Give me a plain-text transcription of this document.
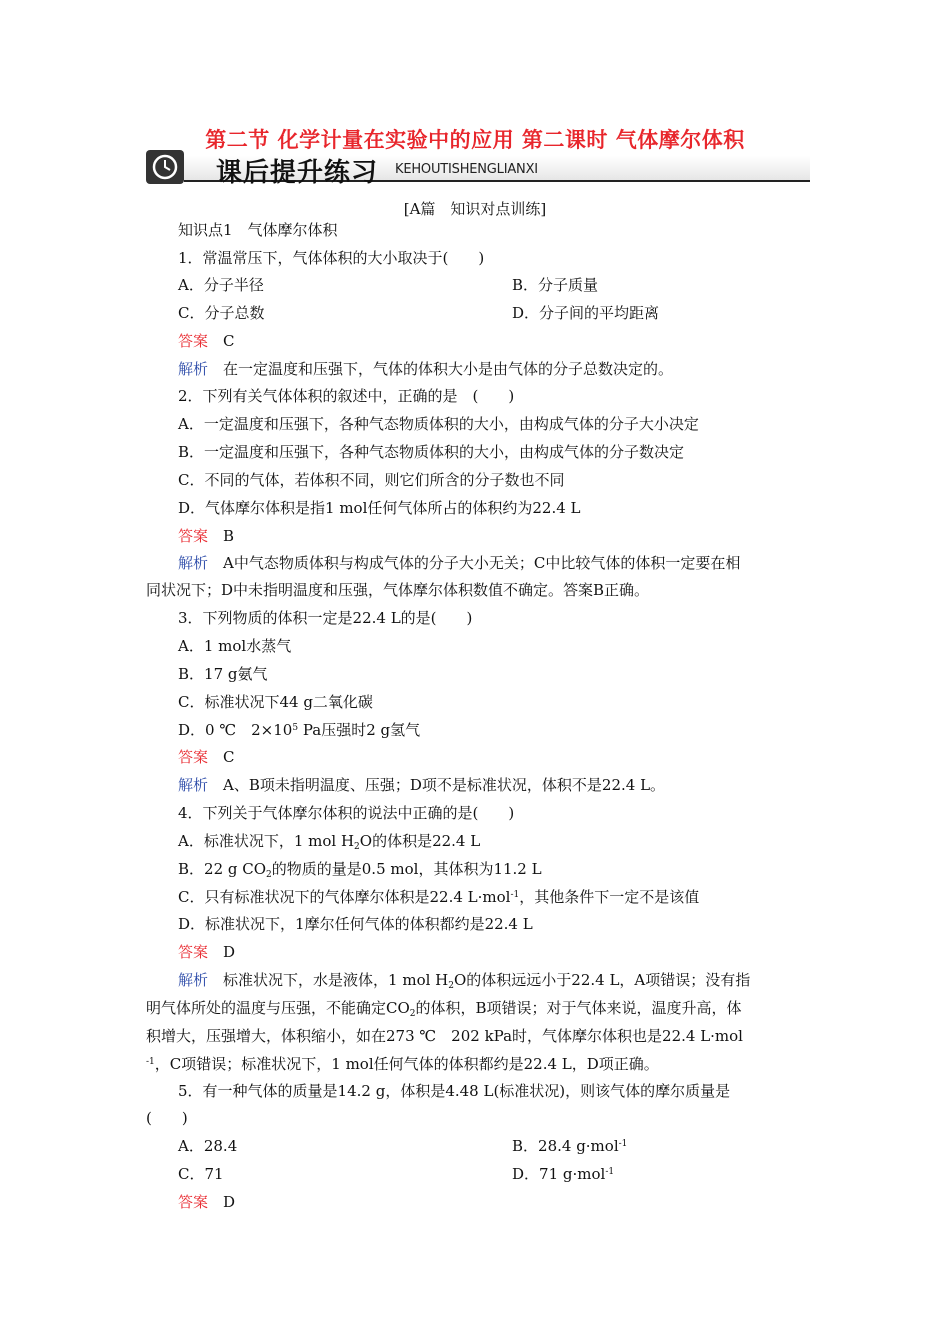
第二节 化学计量在实验中的应用 第二课时 气体摩尔体积
课后提升练习 KEHOUTISHENGLIANXI
[A篇　知识对点训练]
知识点1　气体摩尔体积
1．常温常压下，气体体积的大小取决于(　　)
A．分子半径	B．分子质量
C．分子总数	D．分子间的平均距离
答案　 C
解析　 在一定温度和压强下，气体的体积大小是由气体的分子总数决定的。
2．下列有关气体体积的叙述中，正确的是　(　　)
A．一定温度和压强下，各种气态物质体积的大小，由构成气体的分子大小决定
B．一定温度和压强下，各种气态物质体积的大小，由构成气体的分子数决定
C．不同的气体，若体积不同，则它们所含的分子数也不同
D．气体摩尔体积是指1 mol任何气体所占的体积约为22.4 L
答案　 B
解析　 A中气态物质体积与构成气体的分子大小无关；C中比较气体的体积一定要在相
同状况下；D中未指明温度和压强，气体摩尔体积数值不确定。答案B正确。
3．下列物质的体积一定是22.4 L的是(　　)
A．1 mol水蒸气
B．17 g氨气
C．标准状况下44 g二氧化碳
D．0 ℃　$2\times 10^5$ Pa压强时2 g氢气
答案　 C
解析　 A、B项未指明温度、压强；D项不是标准状况，体积不是22.4 L。
4．下列关于气体摩尔体积的说法中正确的是(　　)
A．标准状况下，1 mol $H_2O$的体积是22.4 L
B．22 g $CO_2$的物质的量是0.5 mol，其体积为11.2 L
C．只有标准状况下的气体摩尔体积是22.4 L·mol$^{-1}$，其他条件下一定不是该值
D．标准状况下，1摩尔任何气体的体积都约是22.4 L
答案　 D
解析　 标准状况下，水是液体，1 mol $H_2O$的体积远远小于22.4 L，A项错误；没有指
明气体所处的温度与压强，不能确定$CO_2$的体积，B项错误；对于气体来说，温度升高，体
积增大，压强增大，体积缩小，如在273 ℃　202 kPa时，气体摩尔体积也是22.4 L·mol
$^{-1}$，C项错误；标准状况下，1 mol任何气体的体积都约是22.4 L，D项正确。
5．有一种气体的质量是14.2 g，体积是4.48 L(标准状况)，则该气体的摩尔质量是
(　　)
A．28.4	B．28.4 g·mol$^{-1}$
C．71	D．71 g·mol$^{-1}$
答案　 D
